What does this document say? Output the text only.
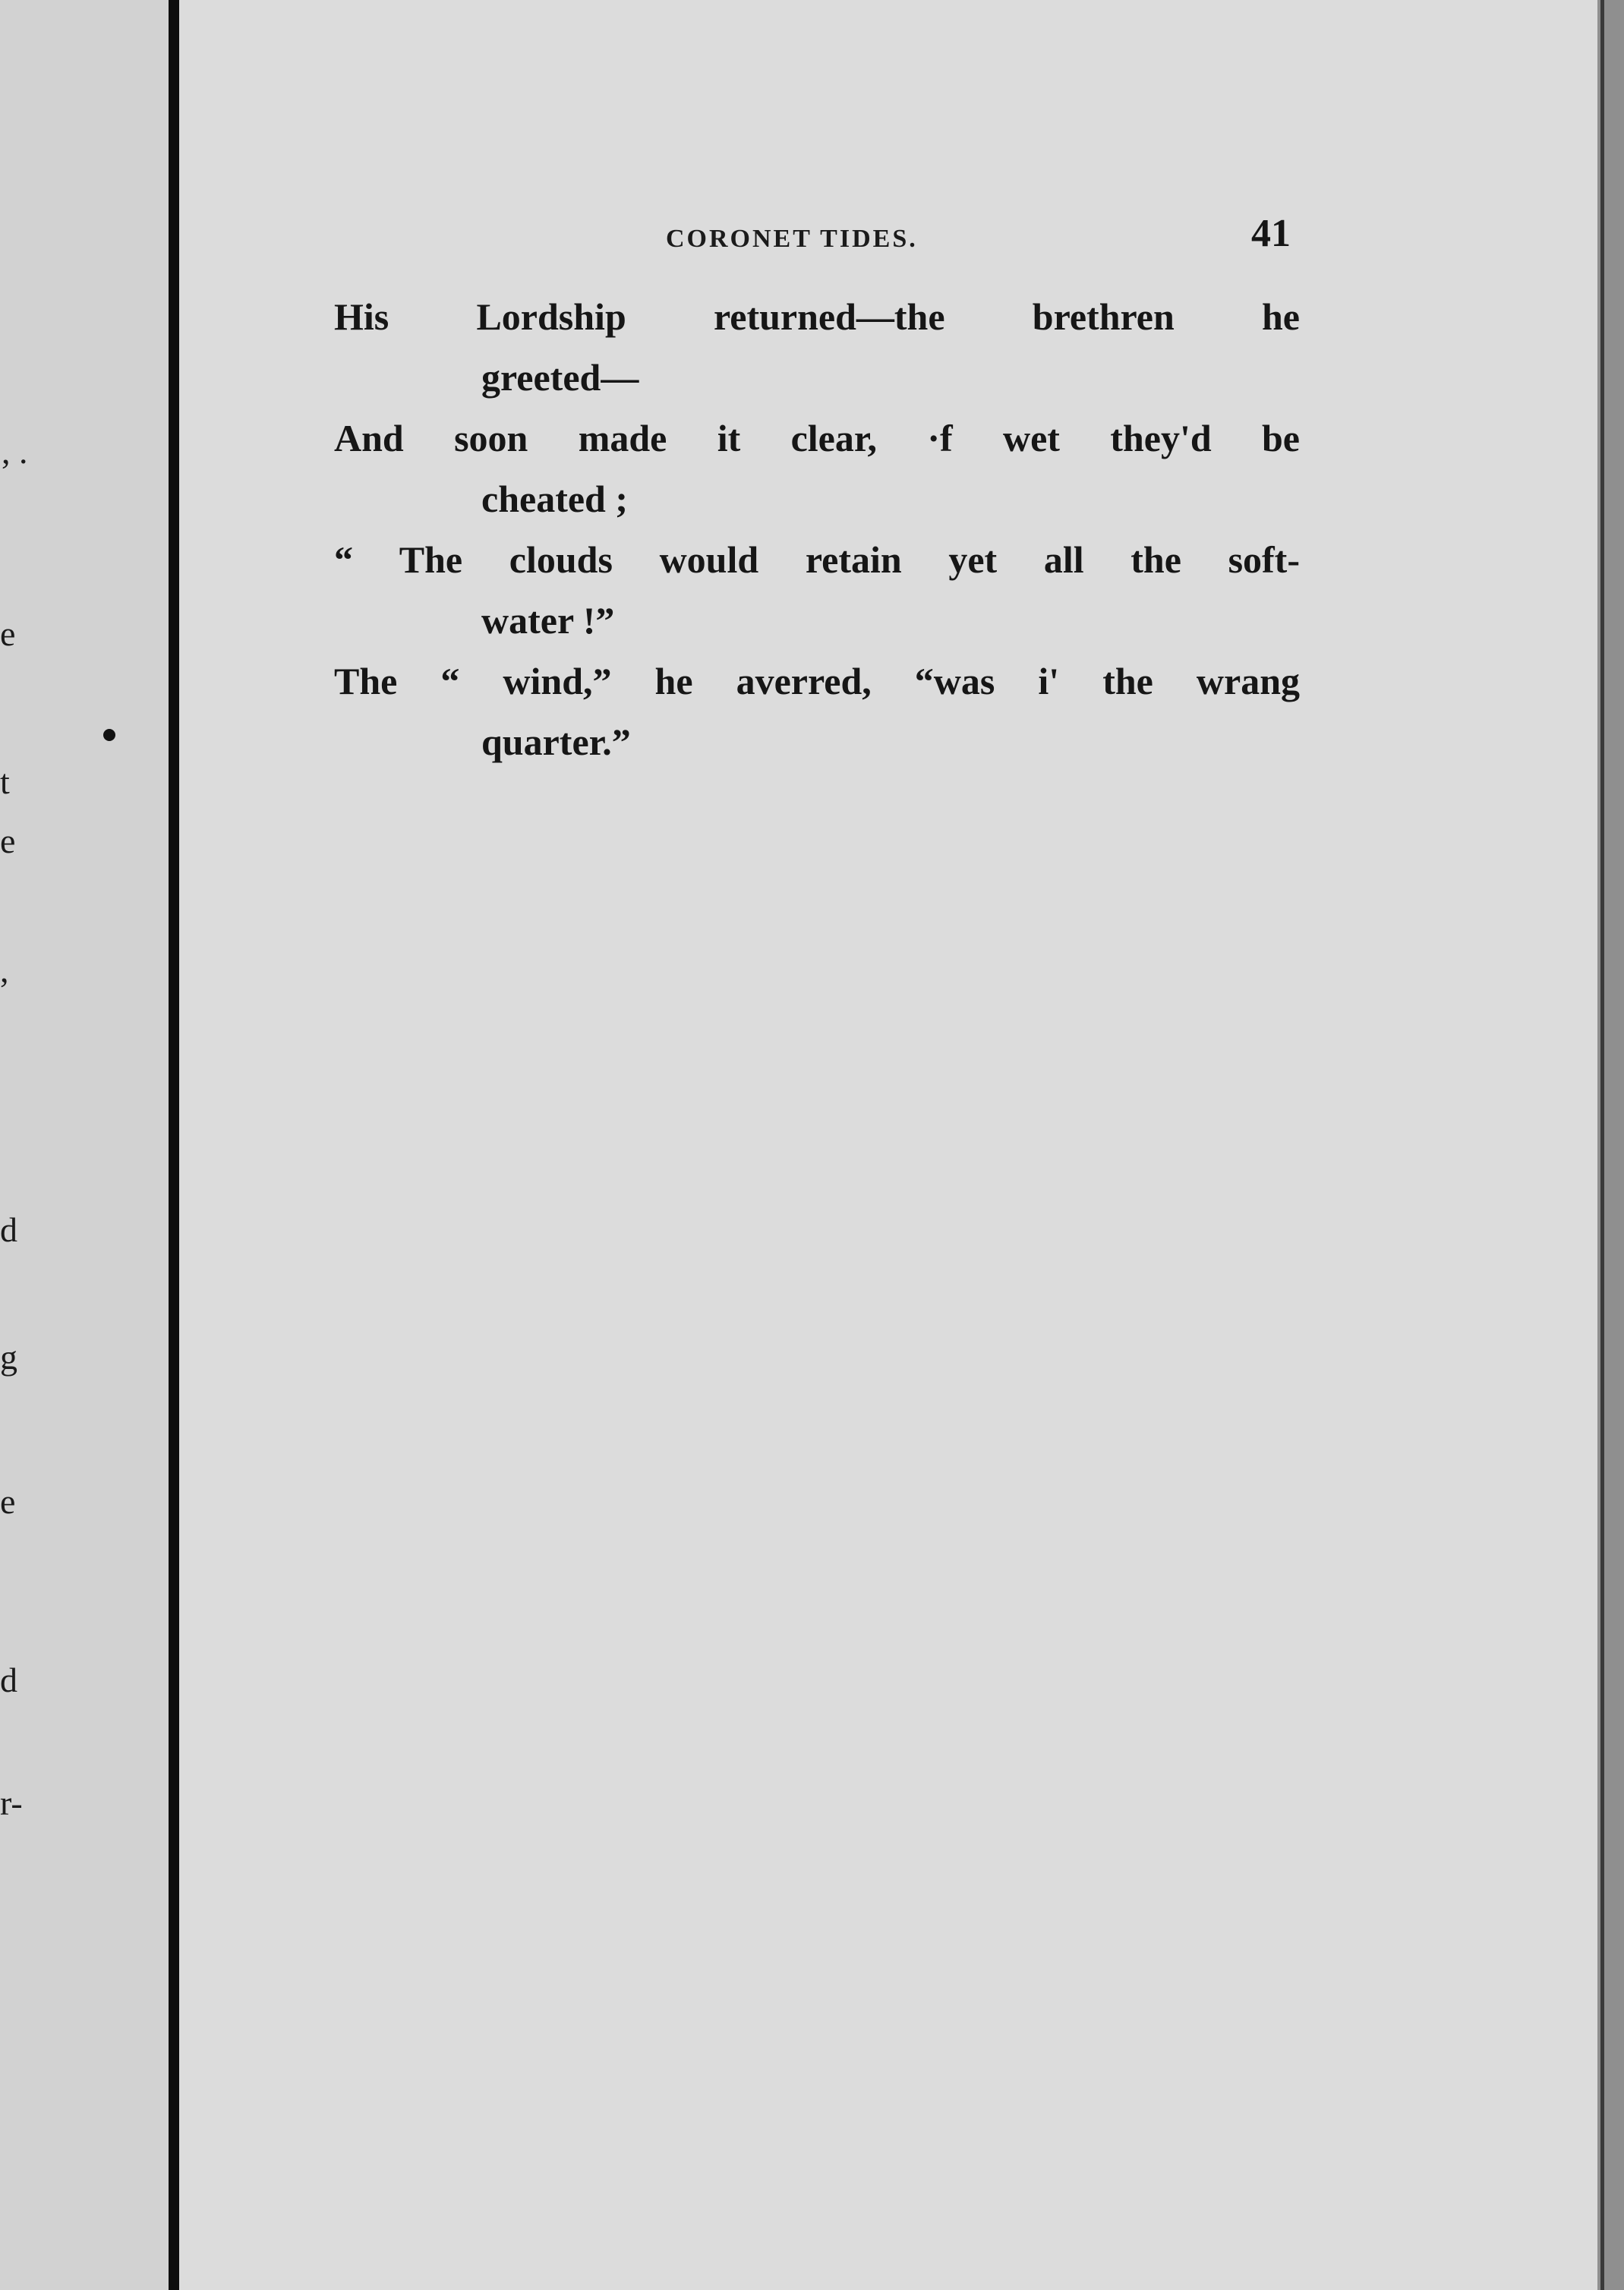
, .
e
t
e
,
d
g
e
d
r-
CORONET TIDES.	41
His Lordship returned—the brethren he
greeted—
And soon made it clear, ·f wet they'd be
cheated ;
“ The clouds would retain yet all the soft-
water !”
The “ wind,” he averred, “was i' the wrang
quarter.”
